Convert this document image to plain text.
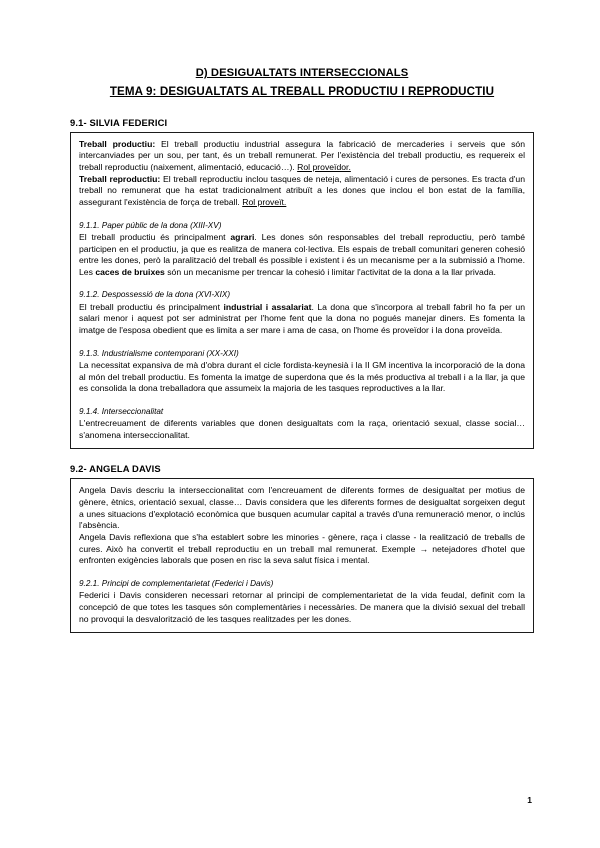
D) DESIGUALTATS INTERSECCIONALS
TEMA 9: DESIGUALTATS AL TREBALL PRODUCTIU I REPRODUCTIU
9.1- SILVIA FEDERICI

Treball productiu: El treball productiu industrial assegura la fabricació de mercaderies i serveis que són intercanviades per un sou, per tant, és un treball remunerat. Per l'existència del treball productiu, es requereix el treball reproductiu (naixement, alimentació, educació…). Rol proveïdor.

Treball reproductiu: El treball reproductiu inclou tasques de neteja, alimentació i cures de persones. Es tracta d'un treball no remunerat que ha estat tradicionalment atribuït a les dones que inclou el bon estat de la família, assegurant l'existència de força de treball. Rol proveït.

9.1.1. Paper públic de la dona (XIII-XV)

El treball productiu és principalment agrari. Les dones són responsables del treball reproductiu, però també participen en el productiu, ja que es realitza de manera col·lectiva. Els espais de treball comunitari generen cohesió entre les dones, però la paralització del treball és possible i existent i és un mecanisme per a la submissió a l'home. Les caces de bruixes són un mecanisme per trencar la cohesió i limitar l'activitat de la dona a la llar privada.

9.1.2. Despossessió de la dona (XVI-XIX)

El treball productiu és principalment industrial i assalariat. La dona que s'incorpora al treball fabril ho fa per un salari menor i aquest pot ser administrat per l'home fent que la dona no pogués manejar diners. Es fomenta la imatge de l'esposa obedient que es limita a ser mare i ama de casa, on l'home és proveïdor i la dona proveïda.

9.1.3. Industrialisme contemporani (XX-XXI)

La necessitat expansiva de mà d'obra durant el cicle fordista-keynesià i la II GM incentiva la incorporació de la dona al món del treball productiu. Es fomenta la imatge de superdona que és la més productiva al treball i a la llar, ja que es consolida la dona treballadora que assumeix la majoria de les tasques reproductives a la llar.

9.1.4. Interseccionalitat

L'entrecreuament de diferents variables que donen desigualtats com la raça, orientació sexual, classe social… s'anomena interseccionalitat.

9.2- ANGELA DAVIS

Angela Davis descriu la interseccionalitat com l'encreuament de diferents formes de desigualtat per motius de gènere, ètnics, orientació sexual, classe… Davis considera que les diferents formes de desigualtat sorgeixen degut a unes situacions d'explotació econòmica que busquen acumular capital a través d'una remuneració menor, o inclús l'absència.

Angela Davis reflexiona que s'ha establert sobre les minories - gènere, raça i classe - la realització de treballs de cures. Això ha convertit el treball reproductiu en un treball mal remunerat. Exemple → netejadores d'hotel que enfronten exigències laborals que posen en risc la seva salut física i mental.

9.2.1. Principi de complementarietat (Federici i Davis)

Federici i Davis consideren necessari retornar al principi de complementarietat de la vida feudal, definit com la concepció de que totes les tasques són complementàries i necessàries. De manera que la divisió sexual del treball no provoqui la desvalorització de les tasques realitzades per les dones.

1
